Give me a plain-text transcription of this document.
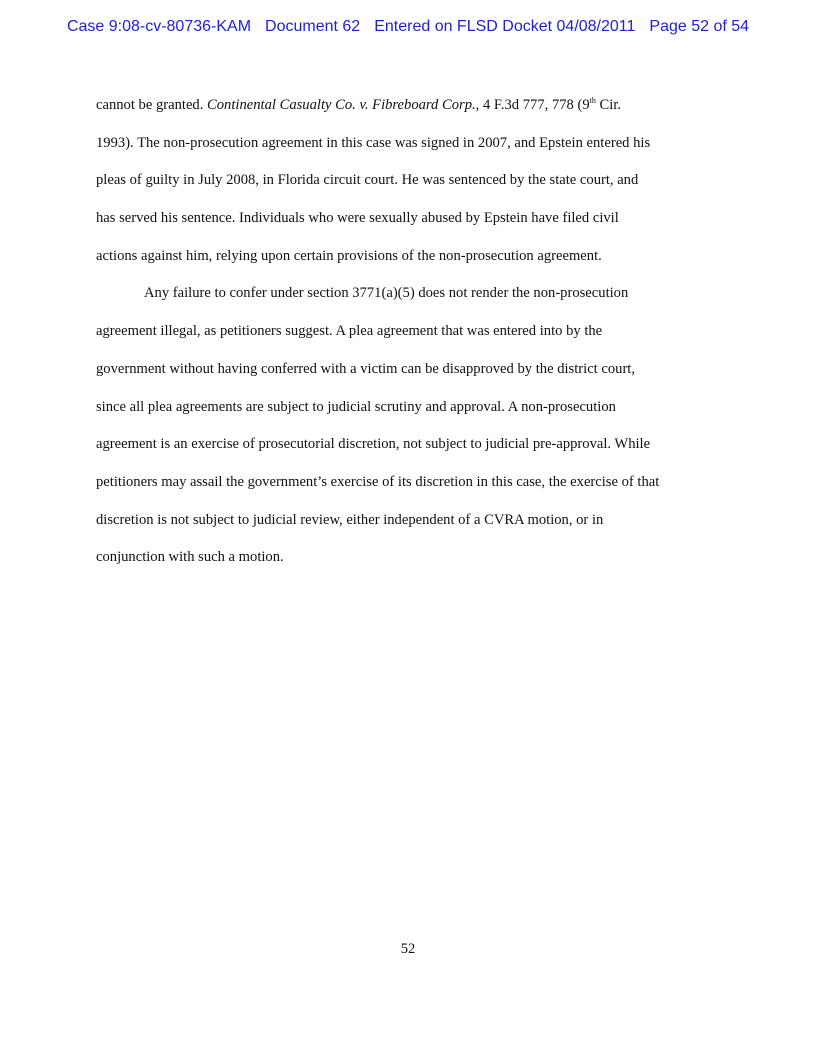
Case 9:08-cv-80736-KAM Document 62 Entered on FLSD Docket 04/08/2011 Page 52 of 54
cannot be granted. Continental Casualty Co. v. Fibreboard Corp., 4 F.3d 777, 778 (9th Cir.
1993). The non-prosecution agreement in this case was signed in 2007, and Epstein entered his
pleas of guilty in July 2008, in Florida circuit court. He was sentenced by the state court, and
has served his sentence. Individuals who were sexually abused by Epstein have filed civil
actions against him, relying upon certain provisions of the non-prosecution agreement.
Any failure to confer under section 3771(a)(5) does not render the non-prosecution
agreement illegal, as petitioners suggest. A plea agreement that was entered into by the
government without having conferred with a victim can be disapproved by the district court,
since all plea agreements are subject to judicial scrutiny and approval. A non-prosecution
agreement is an exercise of prosecutorial discretion, not subject to judicial pre-approval. While
petitioners may assail the government’s exercise of its discretion in this case, the exercise of that
discretion is not subject to judicial review, either independent of a CVRA motion, or in
conjunction with such a motion.
52
